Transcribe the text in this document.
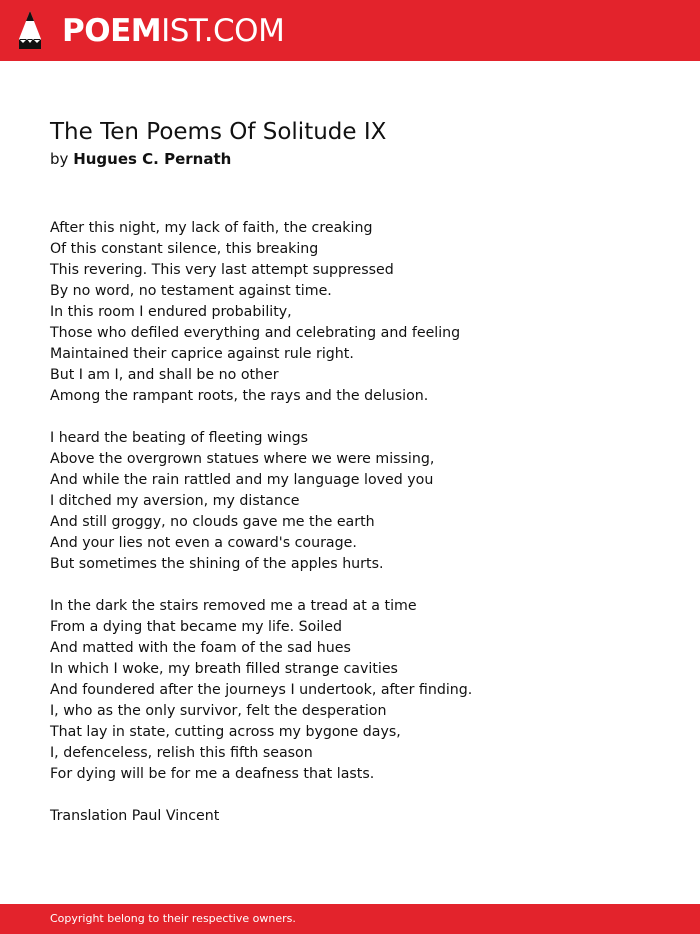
POEMIST.COM
The Ten Poems Of Solitude IX
by Hugues C. Pernath
After this night, my lack of faith, the creaking
Of this constant silence, this breaking
This revering. This very last attempt suppressed
By no word, no testament against time.
In this room I endured probability,
Those who defiled everything and celebrating and feeling
Maintained their caprice against rule right.
But I am I, and shall be no other
Among the rampant roots, the rays and the delusion.
I heard the beating of fleeting wings
Above the overgrown statues where we were missing,
And while the rain rattled and my language loved you
I ditched my aversion, my distance
And still groggy, no clouds gave me the earth
And your lies not even a coward's courage.
But sometimes the shining of the apples hurts.
In the dark the stairs removed me a tread at a time
From a dying that became my life. Soiled
And matted with the foam of the sad hues
In which I woke, my breath filled strange cavities
And foundered after the journeys I undertook, after finding.
I, who as the only survivor, felt the desperation
That lay in state, cutting across my bygone days,
I, defenceless, relish this fifth season
For dying will be for me a deafness that lasts.
Translation Paul Vincent
Copyright belong to their respective owners.
